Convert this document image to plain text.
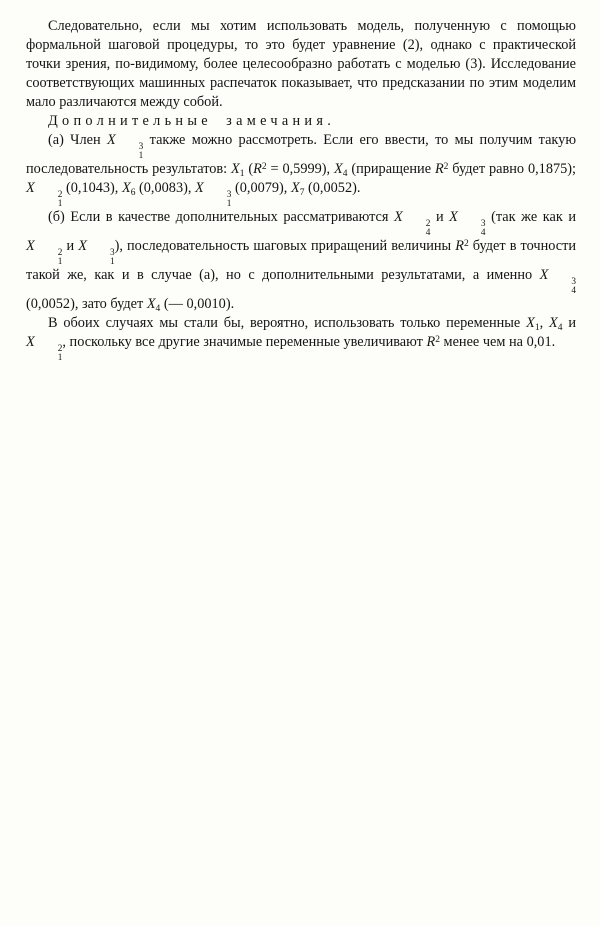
Следовательно, если мы хотим использовать модель, полученную с помощью формальной шаговой процедуры, то это будет уравнение (2), однако с практической точки зрения, по-видимому, более целесообразно работать с моделью (3). Исследование соответствующих машинных распечаток показывает, что предсказании по этим моделим мало различаются между собой.

Дополнительные замечания.

(а) Член X	3
1
также можно рассмотреть. Если его ввести, то мы получим такую последовательность результатов: $X_1$ $(R^2 = 0,5999)$, $X_4$ (приращение $R^2$ будет равно 0,1875); X	2
1
(0,1043), $X_6$ (0,0083), X	3
1
(0,0079), $X_7$ (0,0052).

(б) Если в качестве дополнительных рассматриваются X	2
4
и X	3
4
(так же как и X	2
1
и X	3
1
), последовательность шаговых приращений величины $R^2$ будет в точности такой же, как и в случае (а), но с дополнительными результатами, а именно X	3
4
(0,0052), зато будет $X_4$ (— 0,0010).

В обоих случаях мы стали бы, вероятно, использовать только переменные $X_1$, $X_4$ и X	2
1
, поскольку все другие значимые переменные увеличивают $R^2$ менее чем на 0,01.
